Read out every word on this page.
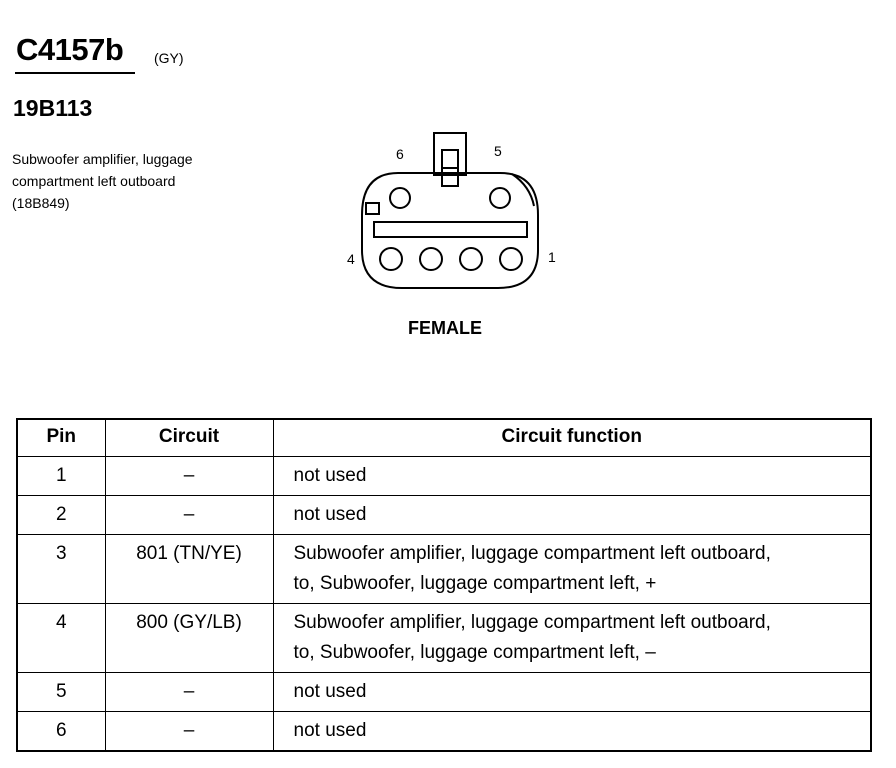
C4157b (GY)
19B113
Subwoofer amplifier, luggage
compartment left outboard
(18B849)
6	5
4	1
FEMALE
Pin	Circuit	Circuit function
1	–	not used
2	–	not used
3	801 (TN/YE)	Subwoofer amplifier, luggage compartment left outboard,
to, Subwoofer, luggage compartment left, +
4	800 (GY/LB)	Subwoofer amplifier, luggage compartment left outboard,
to, Subwoofer, luggage compartment left, –
5	–	not used
6	–	not used
